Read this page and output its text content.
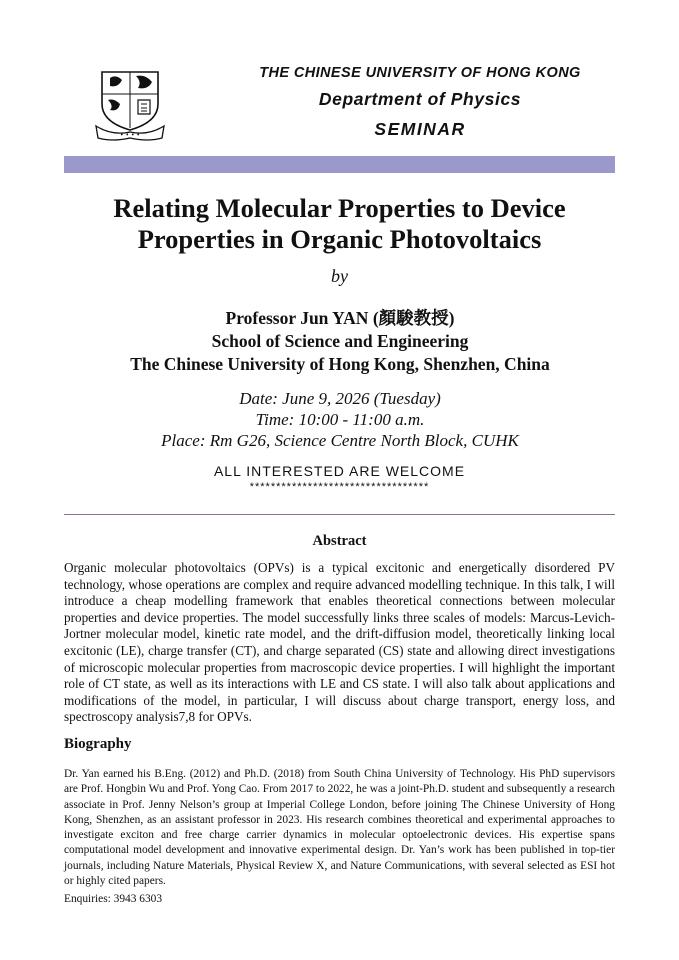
• • • •
THE CHINESE UNIVERSITY OF HONG KONG
Department of Physics
SEMINAR
Relating Molecular Properties to Device
Properties in Organic Photovoltaics
by
Professor Jun YAN (顏駿教授)
School of Science and Engineering
The Chinese University of Hong Kong, Shenzhen, China
Date: June 9, 2026 (Tuesday)
Time: 10:00 - 11:00 a.m.
Place: Rm G26, Science Centre North Block, CUHK
ALL INTERESTED ARE WELCOME
**********************************
Abstract
Organic molecular photovoltaics (OPVs) is a typical excitonic and energetically disordered PV technology, whose operations are complex and require advanced modelling technique. In this talk, I will introduce a cheap modelling framework that enables theoretical connections between molecular properties and device properties. The model successfully links three scales of models: Marcus-Levich-Jortner molecular model, kinetic rate model, and the drift-diffusion model, theoretically linking local excitonic (LE), charge transfer (CT), and charge separated (CS) state and allowing direct investigations of microscopic molecular properties from macroscopic device properties. I will highlight the important role of CT state, as well as its interactions with LE and CS state. I will also talk about applications and modifications of the model, in particular, I will discuss about charge transport, energy loss, and spectroscopy analysis7,8 for OPVs.
Biography
Dr. Yan earned his B.Eng. (2012) and Ph.D. (2018) from South China University of Technology. His PhD supervisors are Prof. Hongbin Wu and Prof. Yong Cao. From 2017 to 2022, he was a joint-Ph.D. student and subsequently a research associate in Prof. Jenny Nelson’s group at Imperial College London, before joining The Chinese University of Hong Kong, Shenzhen, as an assistant professor in 2023. His research combines theoretical and experimental approaches to investigate exciton and free charge carrier dynamics in molecular optoelectronic devices. His expertise spans computational model development and innovative experimental design. Dr. Yan’s work has been published in top-tier journals, including Nature Materials, Physical Review X, and Nature Communications, with several selected as ESI hot or highly cited papers.
Enquiries: 3943 6303
